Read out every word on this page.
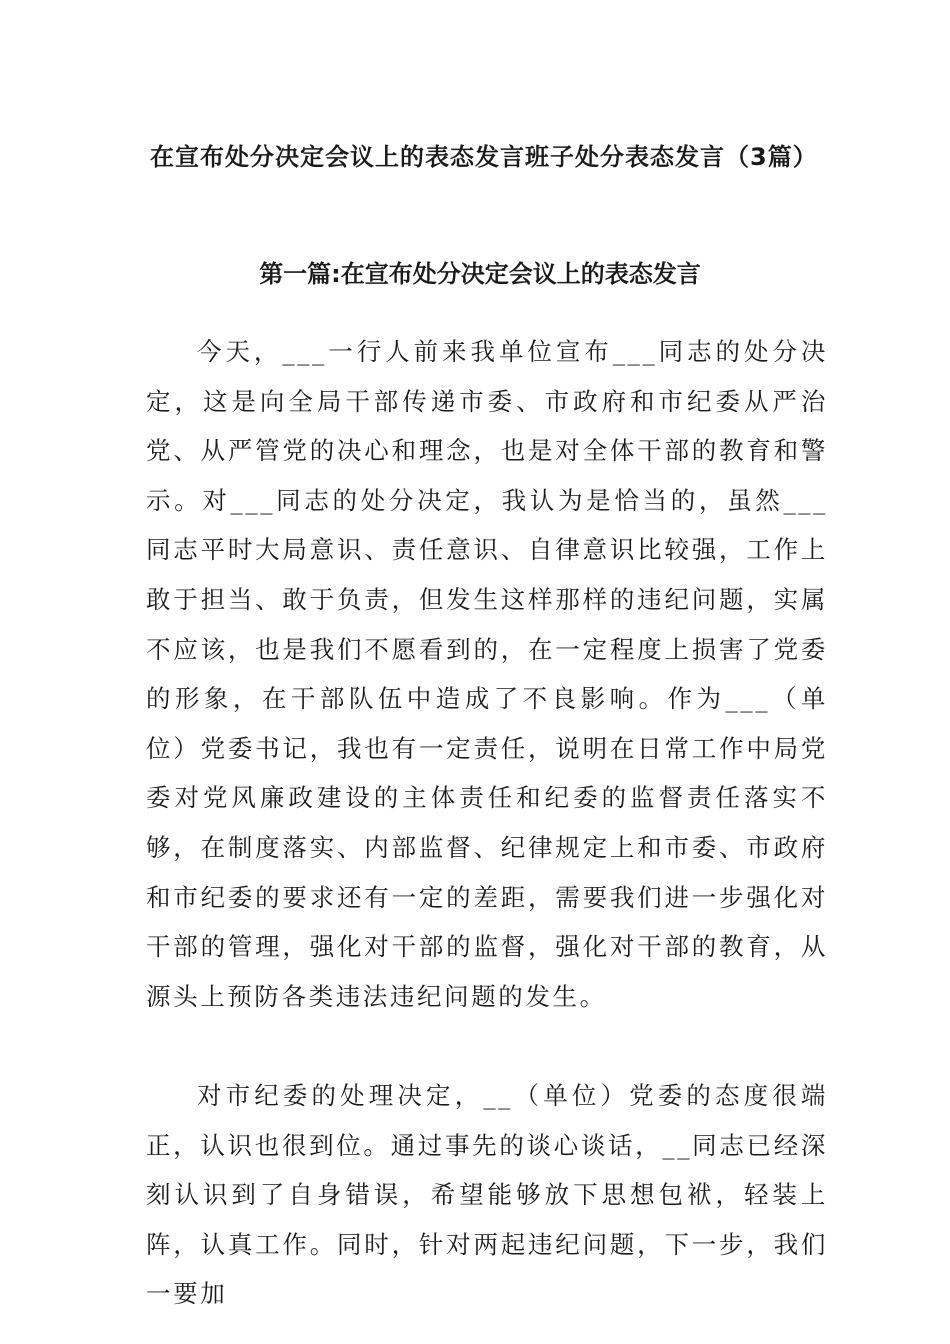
在宣布处分决定会议上的表态发言班子处分表态发言（3篇）
第一篇:在宣布处分决定会议上的表态发言

今天，___一行人前来我单位宣布___同志的处分决定，这是向全局干部传递市委、市政府和市纪委从严治党、从严管党的决心和理念，也是对全体干部的教育和警示。对___同志的处分决定，我认为是恰当的，虽然___同志平时大局意识、责任意识、自律意识比较强，工作上敢于担当、敢于负责，但发生这样那样的违纪问题，实属不应该，也是我们不愿看到的，在一定程度上损害了党委的形象，在干部队伍中造成了不良影响。作为___（单位）党委书记，我也有一定责任，说明在日常工作中局党委对党风廉政建设的主体责任和纪委的监督责任落实不够，在制度落实、内部监督、纪律规定上和市委、市政府和市纪委的要求还有一定的差距，需要我们进一步强化对干部的管理，强化对干部的监督，强化对干部的教育，从源头上预防各类违法违纪问题的发生。

对市纪委的处理决定，__（单位）党委的态度很端正，认识也很到位。通过事先的谈心谈话，__同志已经深刻认识到了自身错误，希望能够放下思想包袱，轻装上阵，认真工作。同时，针对两起违纪问题，下一步，我们一要加
